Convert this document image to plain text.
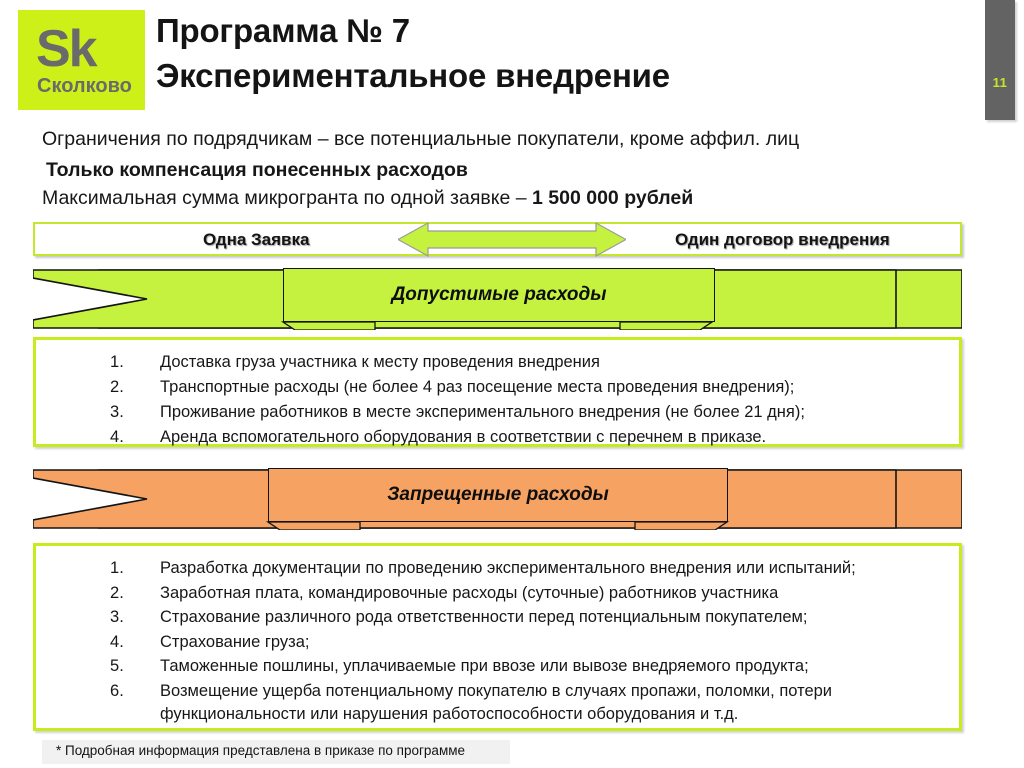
11
Sk
Сколково
Программа № 7
Экспериментальное внедрение
Ограничения по подрядчикам – все потенциальные покупатели, кроме аффил. лиц
Только компенсация понесенных расходов
Максимальная сумма микрогранта по одной заявке – 1 500 000 рублей
Одна Заявка	Один договор внедрения
Допустимые расходы
Доставка груза участника к месту проведения внедрения
Транспортные расходы (не более 4 раз посещение места проведения внедрения);
Проживание работников в месте экспериментального внедрения (не более 21 дня);
Аренда вспомогательного оборудования в соответствии с перечнем в приказе.
Запрещенные расходы
Разработка документации по проведению экспериментального внедрения или испытаний;
Заработная плата, командировочные расходы (суточные) работников участника
Страхование различного рода ответственности перед потенциальным покупателем;
Страхование груза;
Таможенные пошлины, уплачиваемые при ввозе или вывозе внедряемого продукта;
Возмещение ущерба потенциальному покупателю в случаях пропажи, поломки, потери функциональности или нарушения работоспособности оборудования и т.д.
* Подробная информация представлена в приказе по программе
